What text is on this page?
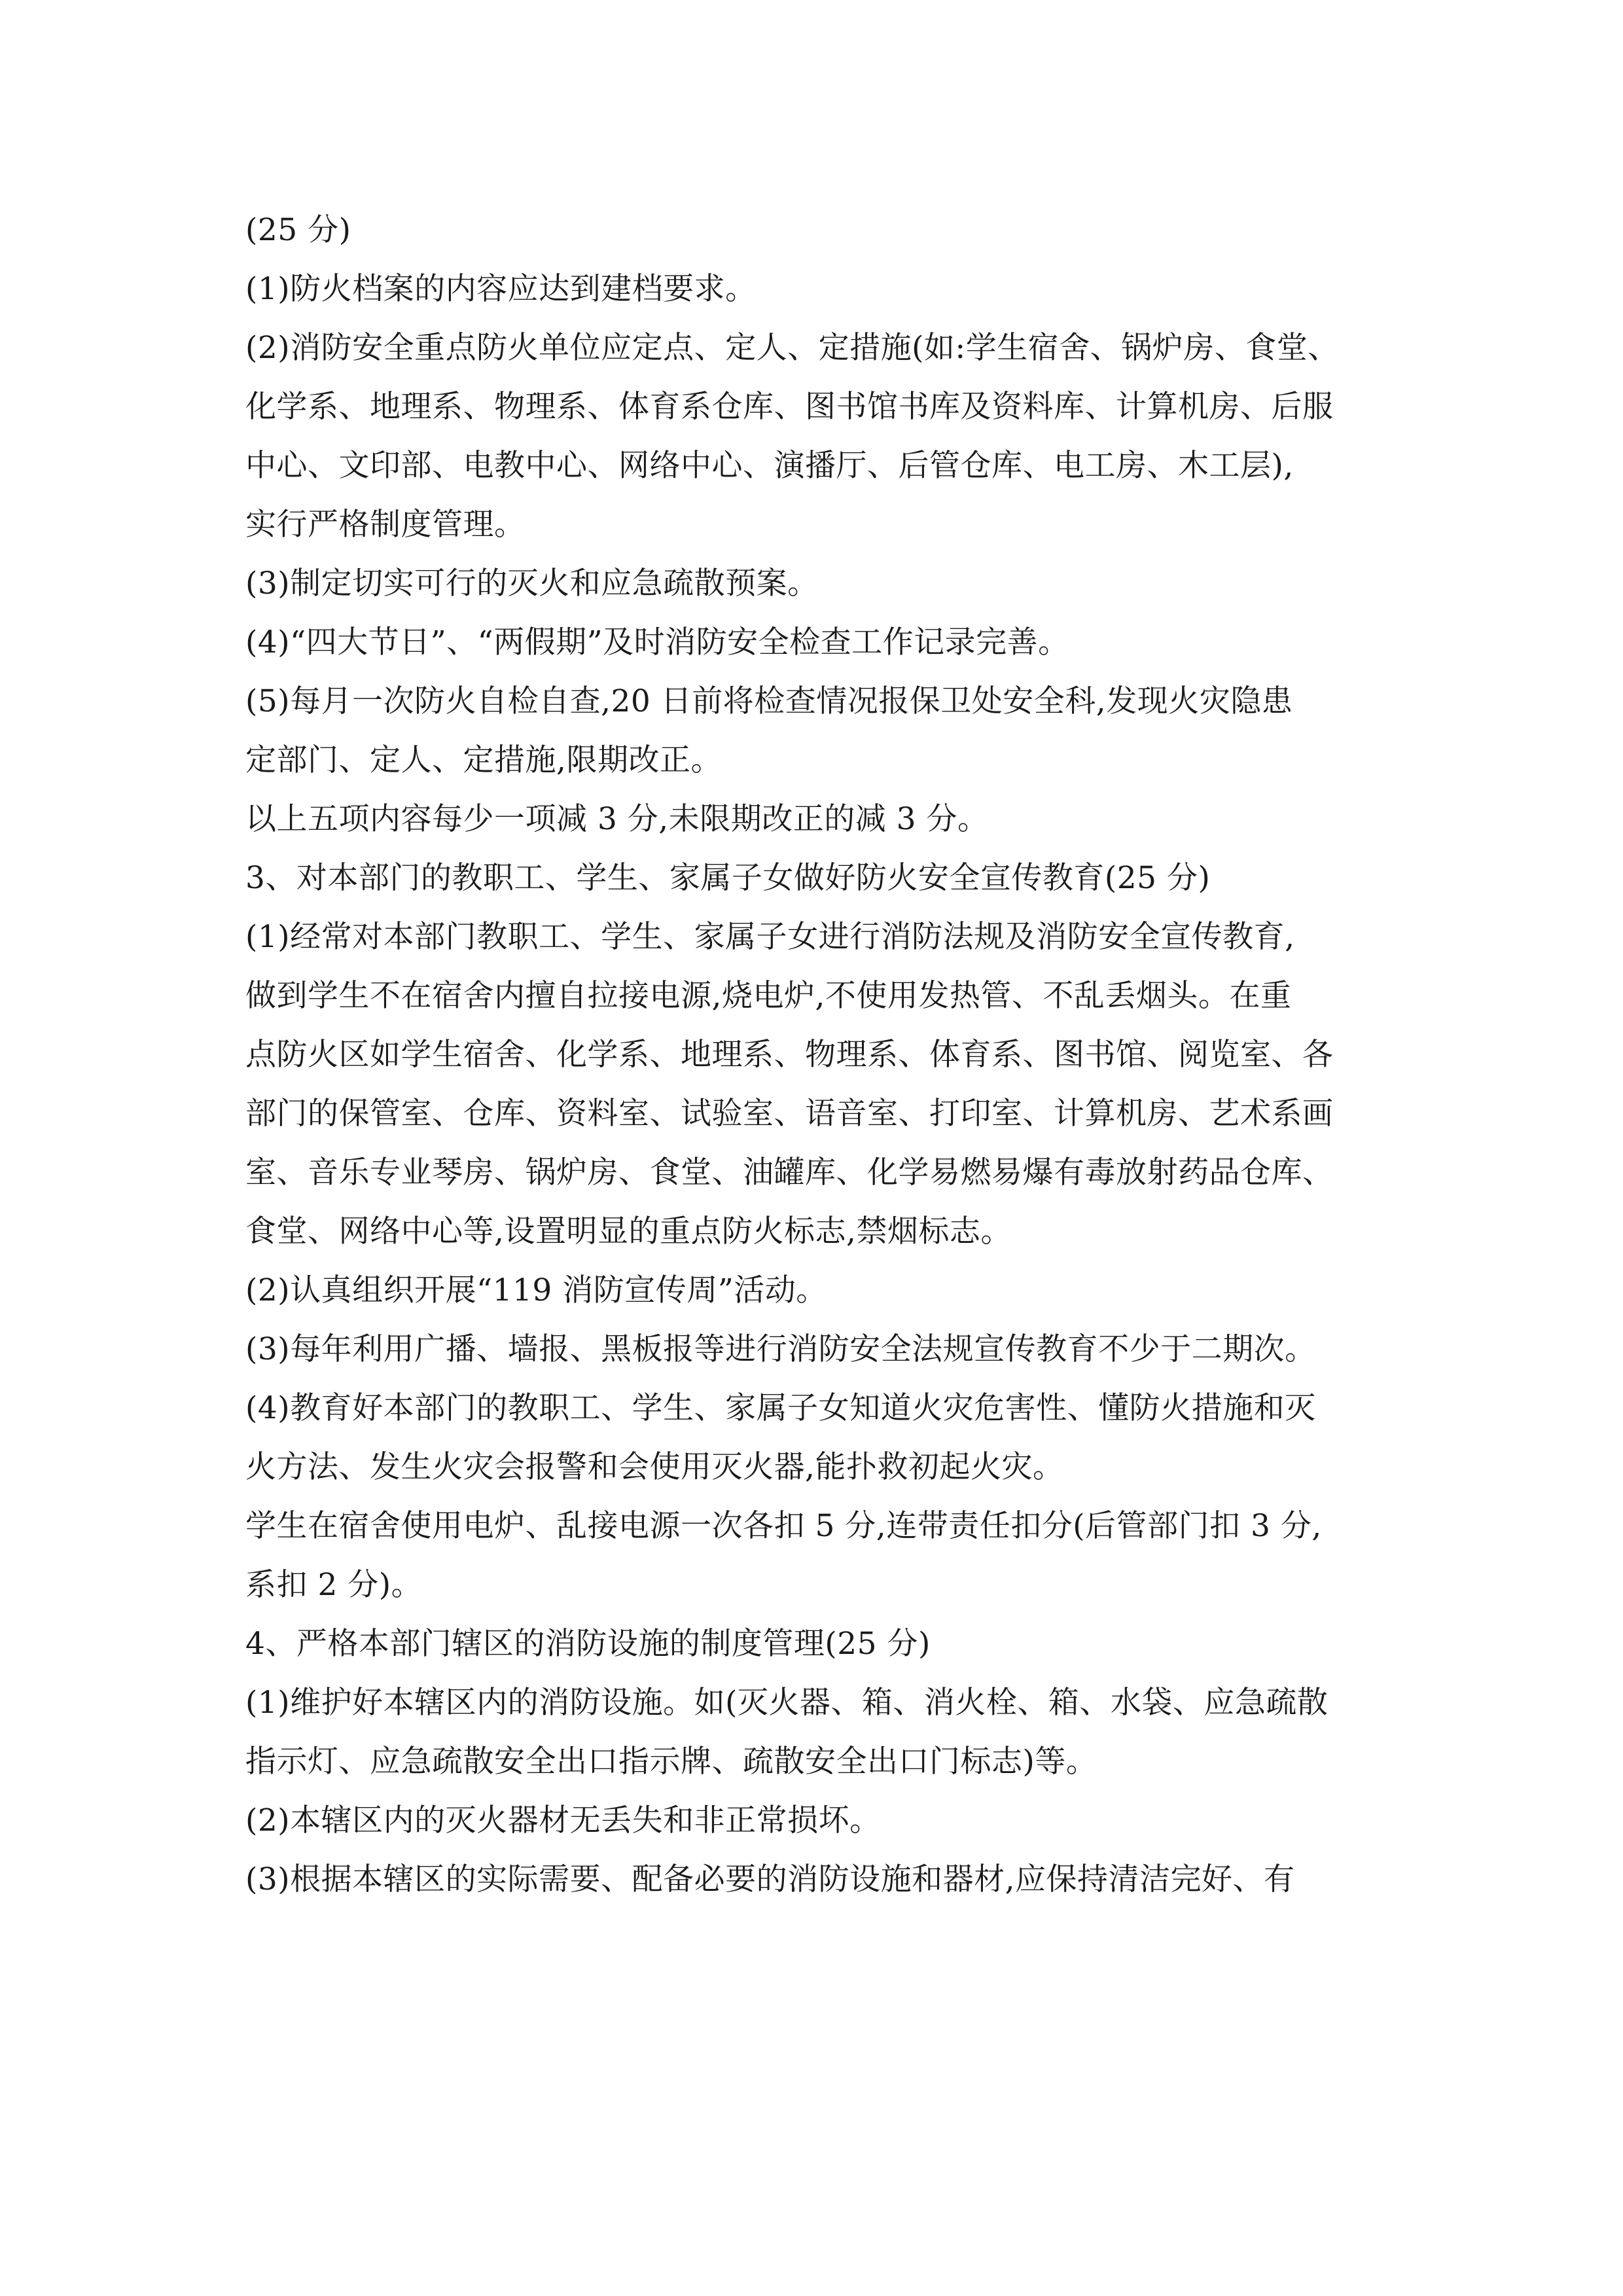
(25 分)
(1)防火档案的内容应达到建档要求。
(2)消防安全重点防火单位应定点、定人、定措施(如:学生宿舍、锅炉房、食堂、
化学系、地理系、物理系、体育系仓库、图书馆书库及资料库、计算机房、后服
中心、文印部、电教中心、网络中心、演播厅、后管仓库、电工房、木工层),
实行严格制度管理。
(3)制定切实可行的灭火和应急疏散预案。
(4)“四大节日”、“两假期”及时消防安全检查工作记录完善。
(5)每月一次防火自检自查,20 日前将检查情况报保卫处安全科,发现火灾隐患
定部门、定人、定措施,限期改正。
以上五项内容每少一项减 3 分,未限期改正的减 3 分。
3、对本部门的教职工、学生、家属子女做好防火安全宣传教育(25 分)
(1)经常对本部门教职工、学生、家属子女进行消防法规及消防安全宣传教育,
做到学生不在宿舍内擅自拉接电源,烧电炉,不使用发热管、不乱丢烟头。在重
点防火区如学生宿舍、化学系、地理系、物理系、体育系、图书馆、阅览室、各
部门的保管室、仓库、资料室、试验室、语音室、打印室、计算机房、艺术系画
室、音乐专业琴房、锅炉房、食堂、油罐库、化学易燃易爆有毒放射药品仓库、
食堂、网络中心等,设置明显的重点防火标志,禁烟标志。
(2)认真组织开展“119 消防宣传周”活动。
(3)每年利用广播、墙报、黑板报等进行消防安全法规宣传教育不少于二期次。
(4)教育好本部门的教职工、学生、家属子女知道火灾危害性、懂防火措施和灭
火方法、发生火灾会报警和会使用灭火器,能扑救初起火灾。
学生在宿舍使用电炉、乱接电源一次各扣 5 分,连带责任扣分(后管部门扣 3 分,
系扣 2 分)。
4、严格本部门辖区的消防设施的制度管理(25 分)
(1)维护好本辖区内的消防设施。如(灭火器、箱、消火栓、箱、水袋、应急疏散
指示灯、应急疏散安全出口指示牌、疏散安全出口门标志)等。
(2)本辖区内的灭火器材无丢失和非正常损坏。
(3)根据本辖区的实际需要、配备必要的消防设施和器材,应保持清洁完好、有
